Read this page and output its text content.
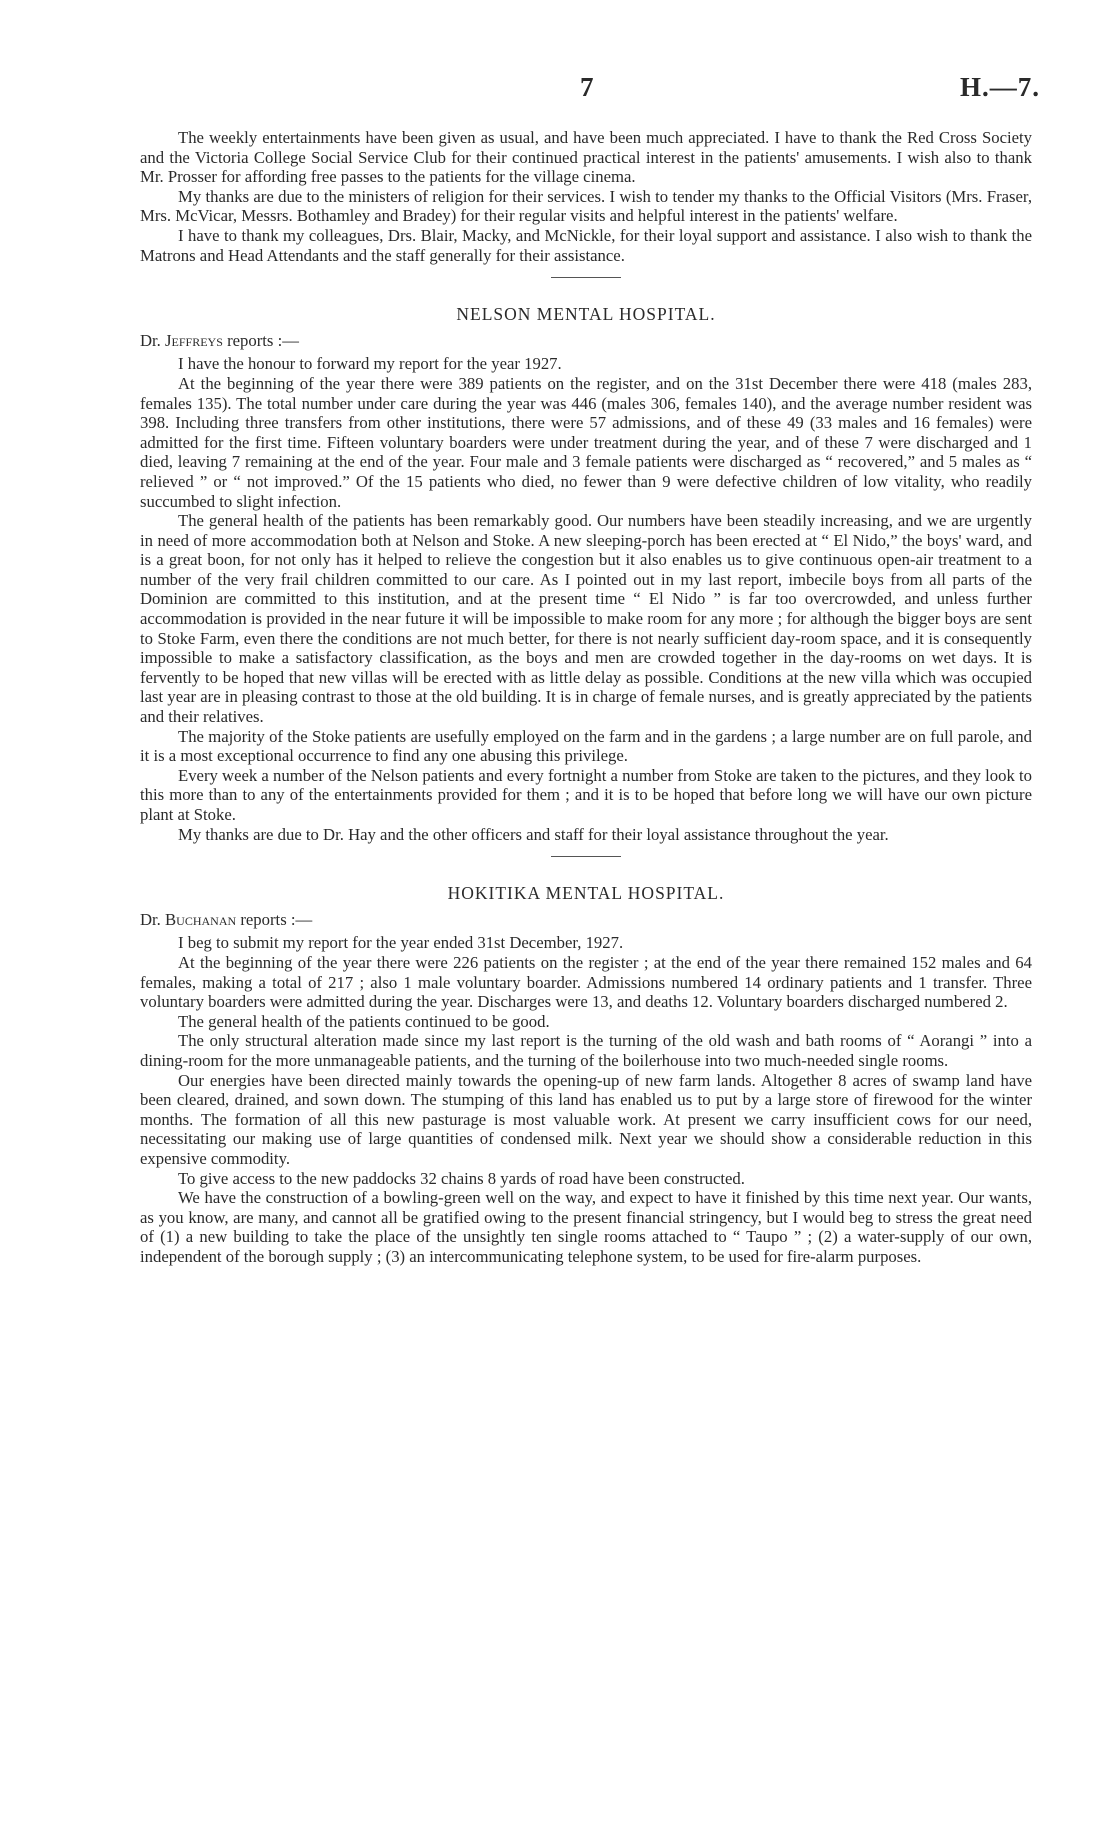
7	H.—7.

The weekly entertainments have been given as usual, and have been much appreciated. I have to thank the Red Cross Society and the Victoria College Social Service Club for their continued practical interest in the patients' amusements. I wish also to thank Mr. Prosser for affording free passes to the patients for the village cinema.

My thanks are due to the ministers of religion for their services. I wish to tender my thanks to the Official Visitors (Mrs. Fraser, Mrs. McVicar, Messrs. Bothamley and Bradey) for their regular visits and helpful interest in the patients' welfare.

I have to thank my colleagues, Drs. Blair, Macky, and McNickle, for their loyal support and assistance. I also wish to thank the Matrons and Head Attendants and the staff generally for their assistance.

NELSON MENTAL HOSPITAL.
Dr. Jeffreys reports :—

I have the honour to forward my report for the year 1927.

At the beginning of the year there were 389 patients on the register, and on the 31st December there were 418 (males 283, females 135). The total number under care during the year was 446 (males 306, females 140), and the average number resident was 398. Including three transfers from other institutions, there were 57 admissions, and of these 49 (33 males and 16 females) were admitted for the first time. Fifteen voluntary boarders were under treatment during the year, and of these 7 were discharged and 1 died, leaving 7 remaining at the end of the year. Four male and 3 female patients were discharged as “ recovered,” and 5 males as “ relieved ” or “ not improved.” Of the 15 patients who died, no fewer than 9 were defective children of low vitality, who readily succumbed to slight infection.

The general health of the patients has been remarkably good. Our numbers have been steadily increasing, and we are urgently in need of more accommodation both at Nelson and Stoke. A new sleeping-porch has been erected at “ El Nido,” the boys' ward, and is a great boon, for not only has it helped to relieve the congestion but it also enables us to give continuous open-air treatment to a number of the very frail children committed to our care. As I pointed out in my last report, imbecile boys from all parts of the Dominion are committed to this institution, and at the present time “ El Nido ” is far too overcrowded, and unless further accommodation is provided in the near future it will be impossible to make room for any more ; for although the bigger boys are sent to Stoke Farm, even there the conditions are not much better, for there is not nearly sufficient day-room space, and it is consequently impossible to make a satisfactory classification, as the boys and men are crowded together in the day-rooms on wet days. It is fervently to be hoped that new villas will be erected with as little delay as possible. Conditions at the new villa which was occupied last year are in pleasing contrast to those at the old building. It is in charge of female nurses, and is greatly appreciated by the patients and their relatives.

The majority of the Stoke patients are usefully employed on the farm and in the gardens ; a large number are on full parole, and it is a most exceptional occurrence to find any one abusing this privilege.

Every week a number of the Nelson patients and every fortnight a number from Stoke are taken to the pictures, and they look to this more than to any of the entertainments provided for them ; and it is to be hoped that before long we will have our own picture plant at Stoke.

My thanks are due to Dr. Hay and the other officers and staff for their loyal assistance throughout the year.

HOKITIKA MENTAL HOSPITAL.
Dr. Buchanan reports :—

I beg to submit my report for the year ended 31st December, 1927.

At the beginning of the year there were 226 patients on the register ; at the end of the year there remained 152 males and 64 females, making a total of 217 ; also 1 male voluntary boarder. Admissions numbered 14 ordinary patients and 1 transfer. Three voluntary boarders were admitted during the year. Discharges were 13, and deaths 12. Voluntary boarders discharged numbered 2.

The general health of the patients continued to be good.

The only structural alteration made since my last report is the turning of the old wash and bath rooms of “ Aorangi ” into a dining-room for the more unmanageable patients, and the turning of the boilerhouse into two much-needed single rooms.

Our energies have been directed mainly towards the opening-up of new farm lands. Altogether 8 acres of swamp land have been cleared, drained, and sown down. The stumping of this land has enabled us to put by a large store of firewood for the winter months. The formation of all this new pasturage is most valuable work. At present we carry insufficient cows for our need, necessitating our making use of large quantities of condensed milk. Next year we should show a considerable reduction in this expensive commodity.

To give access to the new paddocks 32 chains 8 yards of road have been constructed.

We have the construction of a bowling-green well on the way, and expect to have it finished by this time next year. Our wants, as you know, are many, and cannot all be gratified owing to the present financial stringency, but I would beg to stress the great need of (1) a new building to take the place of the unsightly ten single rooms attached to “ Taupo ” ; (2) a water-supply of our own, independent of the borough supply ; (3) an intercommunicating telephone system, to be used for fire-alarm purposes.
